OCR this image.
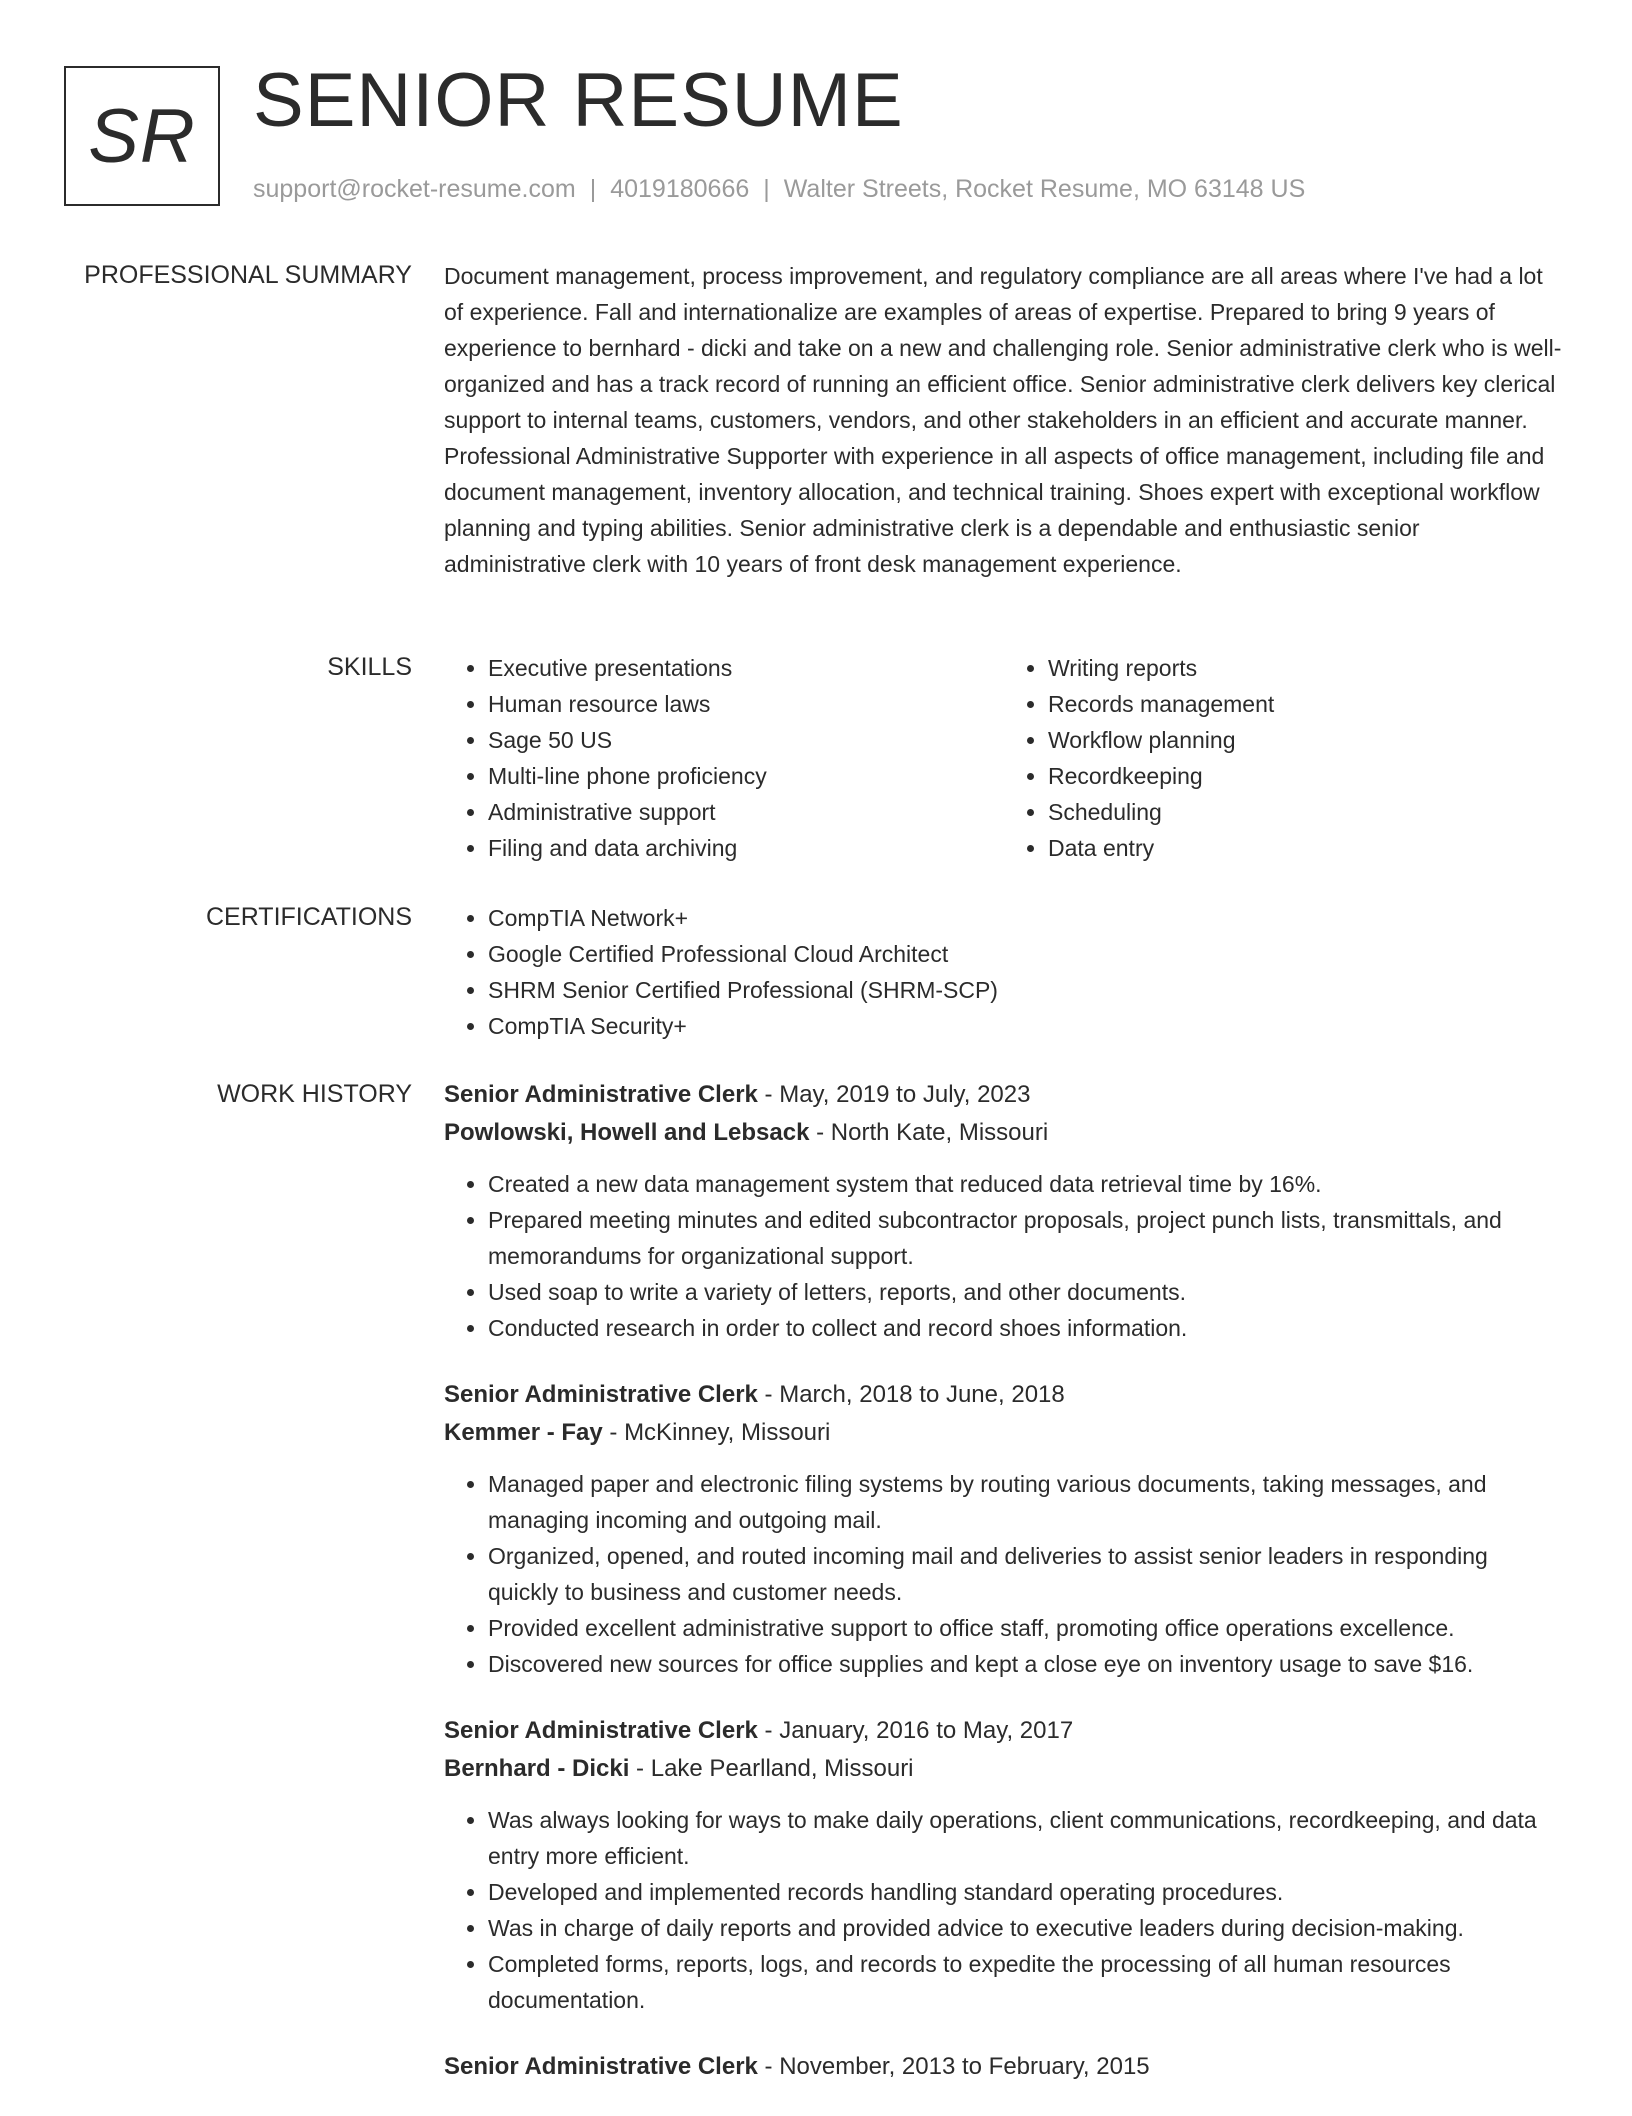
SR SENIOR RESUME
support@rocket-resume.com | 4019180666 | Walter Streets, Rocket Resume, MO 63148 US
PROFESSIONAL SUMMARY Document management, process improvement, and regulatory compliance are all areas where I've had a lot of experience. Fall and internationalize are examples of areas of expertise. Prepared to bring 9 years of experience to bernhard - dicki and take on a new and challenging role. Senior administrative clerk who is well-organized and has a track record of running an efficient office. Senior administrative clerk delivers key clerical support to internal teams, customers, vendors, and other stakeholders in an efficient and accurate manner. Professional Administrative Supporter with experience in all aspects of office management, including file and document management, inventory allocation, and technical training. Shoes expert with exceptional workflow planning and typing abilities. Senior administrative clerk is a dependable and enthusiastic senior administrative clerk with 10 years of front desk management experience.

SKILLS	• Executive presentations
• Human resource laws
• Sage 50 US
• Multi-line phone proficiency
• Administrative support
• Filing and data archiving
• Writing reports
• Records management
• Workflow planning
• Recordkeeping
• Scheduling
• Data entry
CERTIFICATIONS	• CompTIA Network+
• Google Certified Professional Cloud Architect
• SHRM Senior Certified Professional (SHRM-SCP)
• CompTIA Security+
WORK HISTORY Senior Administrative Clerk - May, 2019 to July, 2023
Powlowski, Howell and Lebsack - North Kate, Missouri
• Created a new data management system that reduced data retrieval time by 16%.
• Prepared meeting minutes and edited subcontractor proposals, project punch lists, transmittals, and memorandums for organizational support.
• Used soap to write a variety of letters, reports, and other documents.
• Conducted research in order to collect and record shoes information.
Senior Administrative Clerk - March, 2018 to June, 2018
Kemmer - Fay - McKinney, Missouri
• Managed paper and electronic filing systems by routing various documents, taking messages, and managing incoming and outgoing mail.
• Organized, opened, and routed incoming mail and deliveries to assist senior leaders in responding quickly to business and customer needs.
• Provided excellent administrative support to office staff, promoting office operations excellence.
• Discovered new sources for office supplies and kept a close eye on inventory usage to save $16.
Senior Administrative Clerk - January, 2016 to May, 2017
Bernhard - Dicki - Lake Pearlland, Missouri
• Was always looking for ways to make daily operations, client communications, recordkeeping, and data entry more efficient.
• Developed and implemented records handling standard operating procedures.
• Was in charge of daily reports and provided advice to executive leaders during decision-making.
• Completed forms, reports, logs, and records to expedite the processing of all human resources documentation.
Senior Administrative Clerk - November, 2013 to February, 2015
